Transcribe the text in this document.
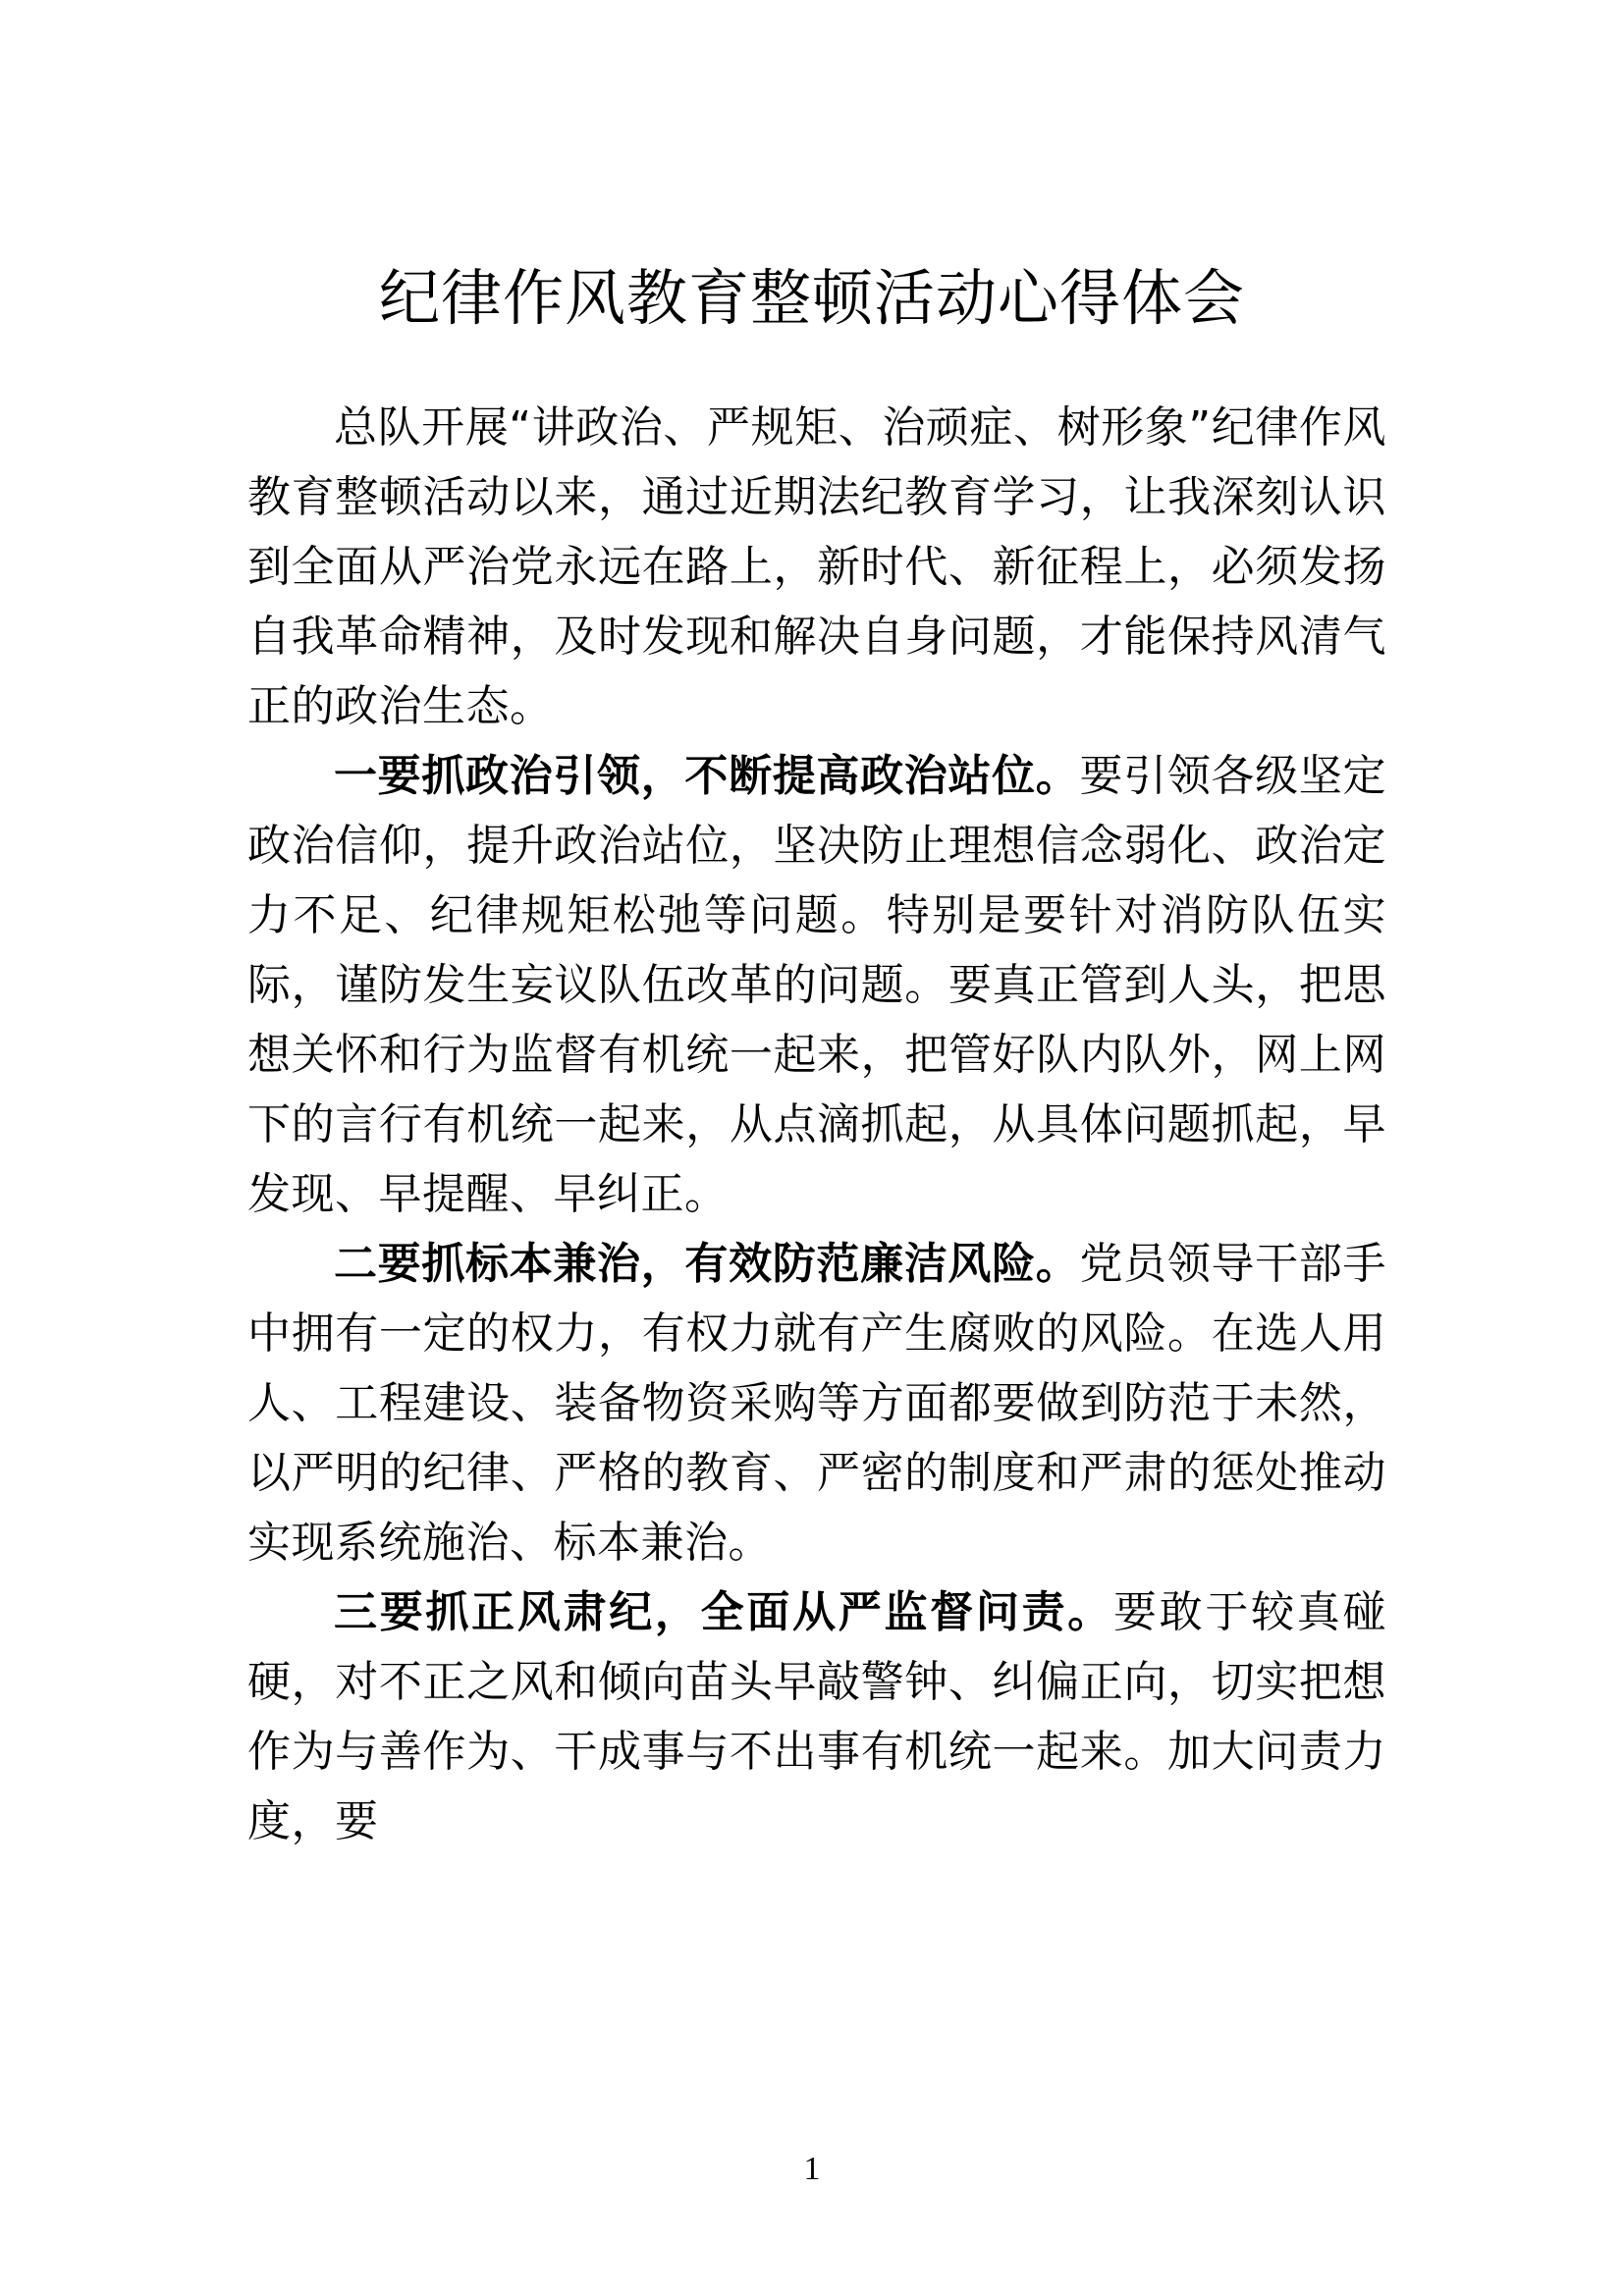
纪律作风教育整顿活动心得体会

总队开展“讲政治、严规矩、治顽症、树形象”纪律作风教育整顿活动以来，通过近期法纪教育学习，让我深刻认识到全面从严治党永远在路上，新时代、新征程上，必须发扬自我革命精神，及时发现和解决自身问题，才能保持风清气正的政治生态。

一要抓政治引领，不断提高政治站位。要引领各级坚定政治信仰，提升政治站位，坚决防止理想信念弱化、政治定力不足、纪律规矩松弛等问题。特别是要针对消防队伍实际，谨防发生妄议队伍改革的问题。要真正管到人头，把思想关怀和行为监督有机统一起来，把管好队内队外，网上网下的言行有机统一起来，从点滴抓起，从具体问题抓起，早发现、早提醒、早纠正。

二要抓标本兼治，有效防范廉洁风险。党员领导干部手中拥有一定的权力，有权力就有产生腐败的风险。在选人用人、工程建设、装备物资采购等方面都要做到防范于未然，以严明的纪律、严格的教育、严密的制度和严肃的惩处推动实现系统施治、标本兼治。

三要抓正风肃纪，全面从严监督问责。要敢于较真碰硬，对不正之风和倾向苗头早敲警钟、纠偏正向，切实把想作为与善作为、干成事与不出事有机统一起来。加大问责力度，要

1
